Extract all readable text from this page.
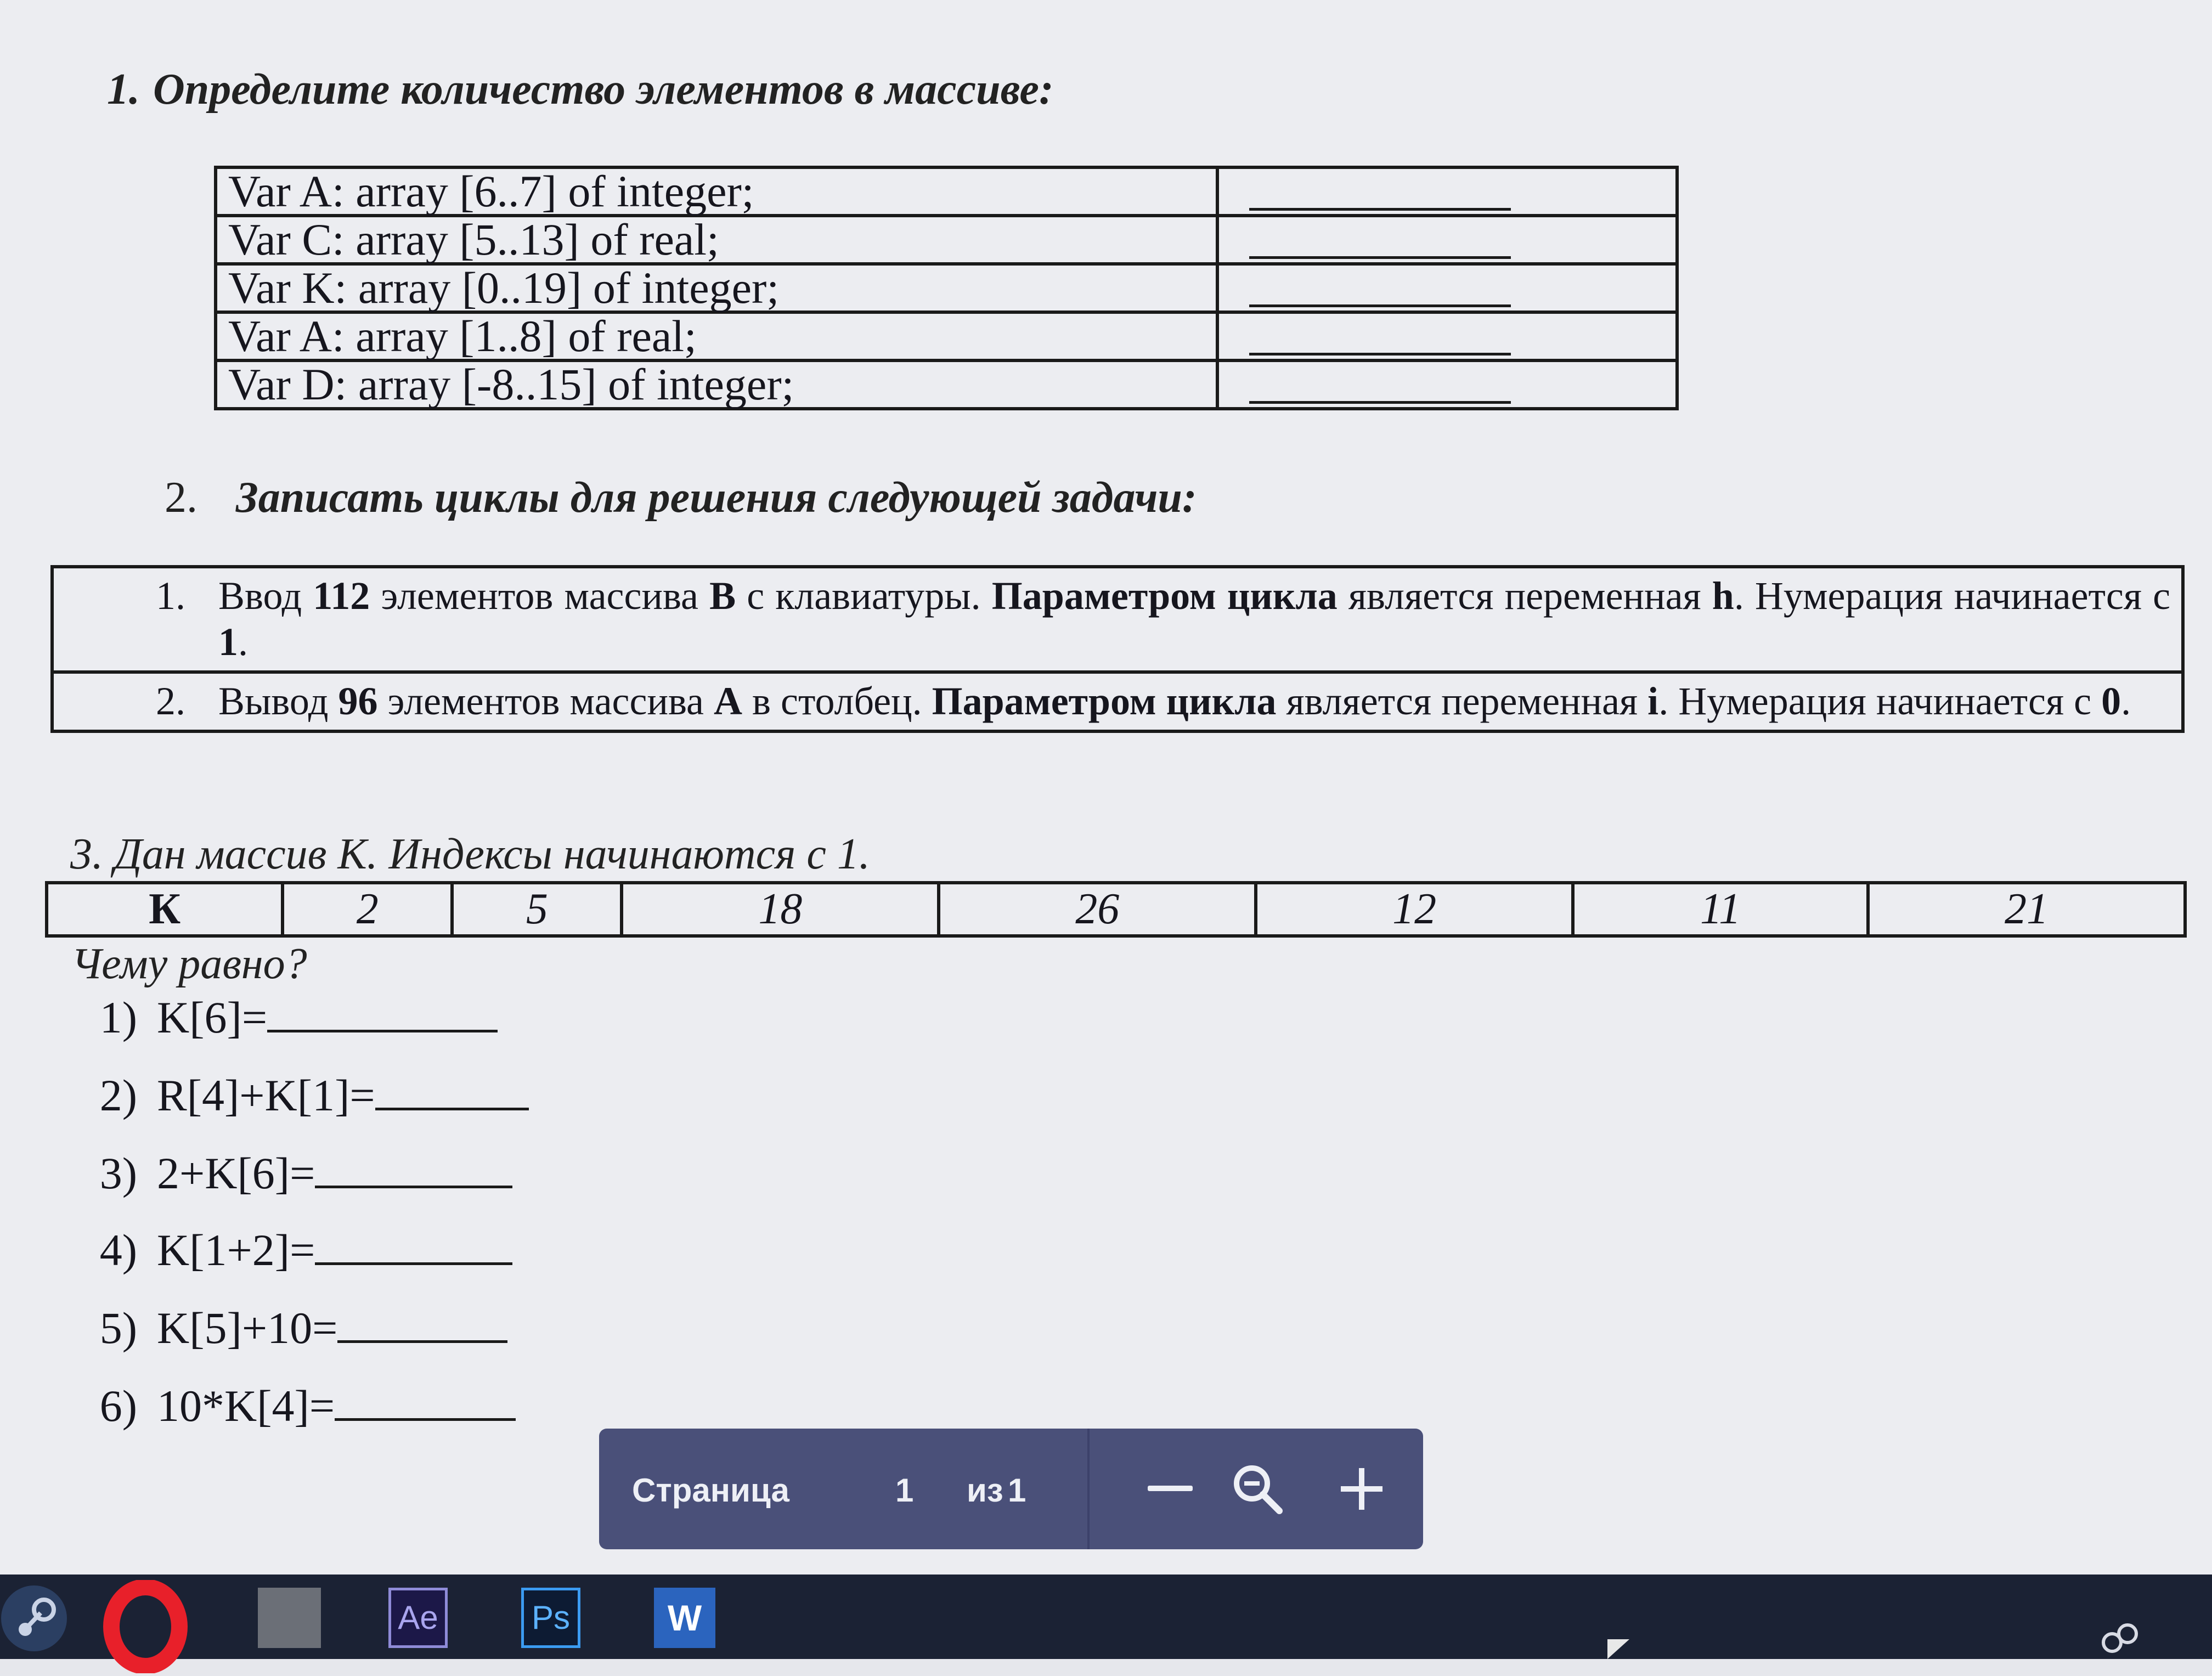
1. Определите количество элементов в массиве:
Var A: array [6..7] of integer;	

Var C: array [5..13] of real;	

Var K: array [0..19] of integer;	

Var A: array [1..8] of real;	

Var D: array [-8..15] of integer;	
2. Записать циклы для решения следующей задачи:
1.	Ввод 112 элементов массива B с клавиатуры. Параметром цикла является переменная h. Нумерация начинается с 1.
2.	Вывод 96 элементов массива А в столбец. Параметром цикла является переменная i. Нумерация начинается с 0.
3. Дан массив К. Индексы начинаются с 1.
К	2	5	18	26	12	11	21
Чему равно?
1) K[6]=
2) R[4]+K[1]=
3) 2+K[6]=
4) K[1+2]=
5) K[5]+10=
6) 10*K[4]=
Страница	1 из 1
Ae	Ps	W
